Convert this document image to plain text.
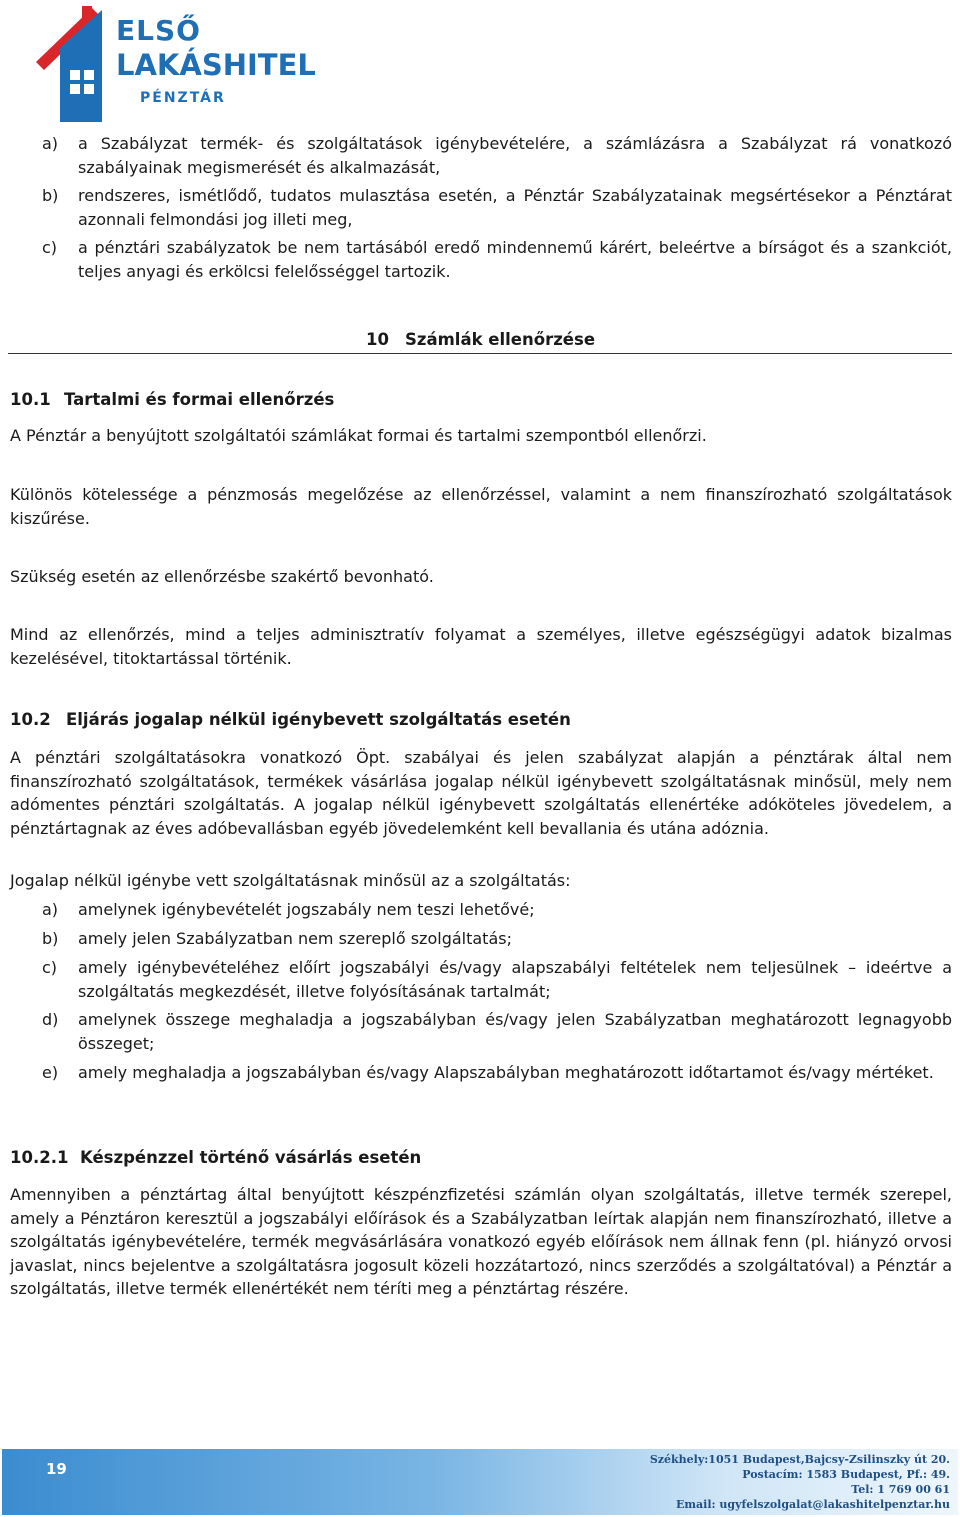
ELSŐ
LAKÁSHITEL
PÉNZTÁR
a) a Szabályzat termék- és szolgáltatások igénybevételére, a számlázásra a Szabályzat rá vonatkozó szabályainak megismerését és alkalmazását,

b) rendszeres, ismétlődő, tudatos mulasztása esetén, a Pénztár Szabályzatainak megsértésekor a Pénztárat azonnali felmondási jog illeti meg,

c) a pénztári szabályzatok be nem tartásából eredő mindennemű kárért, beleértve a bírságot és a szankciót, teljes anyagi és erkölcsi felelősséggel tartozik.

10 Számlák ellenőrzése
10.1 Tartalmi és formai ellenőrzés

A Pénztár a benyújtott szolgáltatói számlákat formai és tartalmi szempontból ellenőrzi.

Különös kötelessége a pénzmosás megelőzése az ellenőrzéssel, valamint a nem finanszírozható szolgáltatások kiszűrése.

Szükség esetén az ellenőrzésbe szakértő bevonható.

Mind az ellenőrzés, mind a teljes adminisztratív folyamat a személyes, illetve egészségügyi adatok bizalmas kezelésével, titoktartással történik.

10.2 Eljárás jogalap nélkül igénybevett szolgáltatás esetén

A pénztári szolgáltatásokra vonatkozó Öpt. szabályai és jelen szabályzat alapján a pénztárak által nem finanszírozható szolgáltatások, termékek vásárlása jogalap nélkül igénybevett szolgáltatásnak minősül, mely nem adómentes pénztári szolgáltatás. A jogalap nélkül igénybevett szolgáltatás ellenértéke adóköteles jövedelem, a pénztártagnak az éves adóbevallásban egyéb jövedelemként kell bevallania és utána adóznia.

Jogalap nélkül igénybe vett szolgáltatásnak minősül az a szolgáltatás:

a) amelynek igénybevételét jogszabály nem teszi lehetővé;

b) amely jelen Szabályzatban nem szereplő szolgáltatás;

c) amely igénybevételéhez előírt jogszabályi és/vagy alapszabályi feltételek nem teljesülnek – ideértve a szolgáltatás megkezdését, illetve folyósításának tartalmát;

d) amelynek összege meghaladja a jogszabályban és/vagy jelen Szabályzatban meghatározott legnagyobb összeget;

e) amely meghaladja a jogszabályban és/vagy Alapszabályban meghatározott időtartamot és/vagy mértéket.

10.2.1 Készpénzzel történő vásárlás esetén

Amennyiben a pénztártag által benyújtott készpénzfizetési számlán olyan szolgáltatás, illetve termék szerepel, amely a Pénztáron keresztül a jogszabályi előírások és a Szabályzatban leírtak alapján nem finanszírozható, illetve a szolgáltatás igénybevételére, termék megvásárlására vonatkozó egyéb előírások nem állnak fenn (pl. hiányzó orvosi javaslat, nincs bejelentve a szolgáltatásra jogosult közeli hozzátartozó, nincs szerződés a szolgáltatóval) a Pénztár a szolgáltatás, illetve termék ellenértékét nem téríti meg a pénztártag részére.

19
Székhely:1051 Budapest,Bajcsy-Zsilinszky út 20.
Postacím: 1583 Budapest, Pf.: 49.
Tel: 1 769 00 61
Email: ugyfelszolgalat@lakashitelpenztar.hu
